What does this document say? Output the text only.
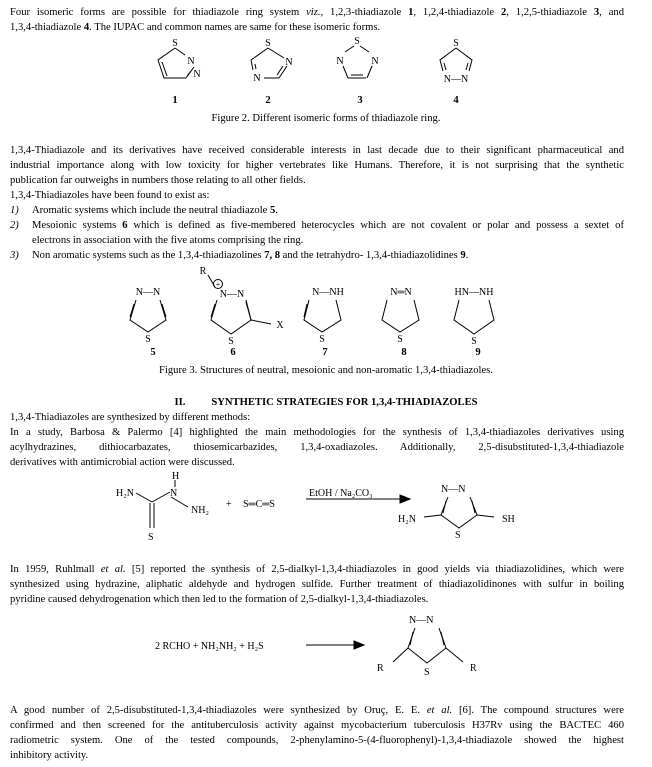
Four isomeric forms are possible for thiadiazole ring system viz., 1,2,3-thiadiazole 1, 1,2,4-thiadiazole 2, 1,2,5-thiadiazole 3, and

1,3,4-thiadiazole 4. The IUPAC and common names are same for these isomeric forms.

S
N
N
S
N
N
S
N	N
S
N—N
1	2	3	4

Figure 2. Different isomeric forms of thiadiazole ring.

1,3,4-Thiadiazole and its derivatives have received considerable interests in last decade due to their significant pharmaceutical and

industrial importance along with low toxicity for higher vertebrates like Humans. Therefore, it is not surprising that the synthetic

publication far outweighs in numbers those relating to all other fields.

1,3,4-Thiadiazoles have been found to exist as:

1) Aromatic systems which include the neutral thiadiazole 5.
2) Mesoionic systems 6 which is defined as five-membered heterocycles which are not covalent or polar and possess a sextet of
electrons in association with the five atoms comprising the ring.
3) Non aromatic systems such as the 1,3,4-thiadiazolines 7, 8 and the tetrahydro- 1,3,4-thiadiazolidines 9.
N—N
S
R
+
N—N
S
X
N—NH
S
N═N
S
HN—NH
S
5	6	7	8	9

Figure 3. Structures of neutral, mesoionic and non-aromatic 1,3,4-thiadiazoles.

II. SYNTHETIC STRATEGIES FOR 1,3,4-THIADIAZOLES

1,3,4-Thiadiazoles are synthesized by different methods:

In a study, Barbosa & Palermo [4] highlighted the main methodologies for the synthesis of 1,3,4-thiadiazoles derivatives using

acylhydrazines, dithiocarbazates, thiosemicarbazides, 1,3,4-oxadiazoles. Additionally, 2,5-disubstituted-1,3,4-thiadiazole

derivatives with antimicrobial action were discussed.

H₂N
H
N
NH₂
S
+ S═C═S
EtOH / Na₂CO₃	N—N
H₂N
S
SH

In 1959, Ruhlmall et al. [5] reported the synthesis of 2,5-dialkyl-1,3,4-thiadiazoles in good yields via thiadiazolidines, which were

synthesized using hydrazine, aliphatic aldehyde and hydrogen sulfide. Further treatment of thiadiazolidinones with sulfur in boiling

pyridine caused dehydrogenation which then led to the formation of 2,5-dialkyl-1,3,4-thiadiazoles.

2 RCHO + NH₂NH₂ + H₂S
N—N
R	R
S

A good number of 2,5-disubstituted-1,3,4-thiadiazoles were synthesized by Oruç, E. E. et al. [6]. The compound structures were

confirmed and then screened for the antituberculosis activity against mycobacterium tuberculosis H37Rv using the BACTEC 460

radiometric system. One of the tested compounds, 2-phenylamino-5-(4-fluorophenyl)-1,3,4-thiadiazole showed the highest

inhibitory activity.
